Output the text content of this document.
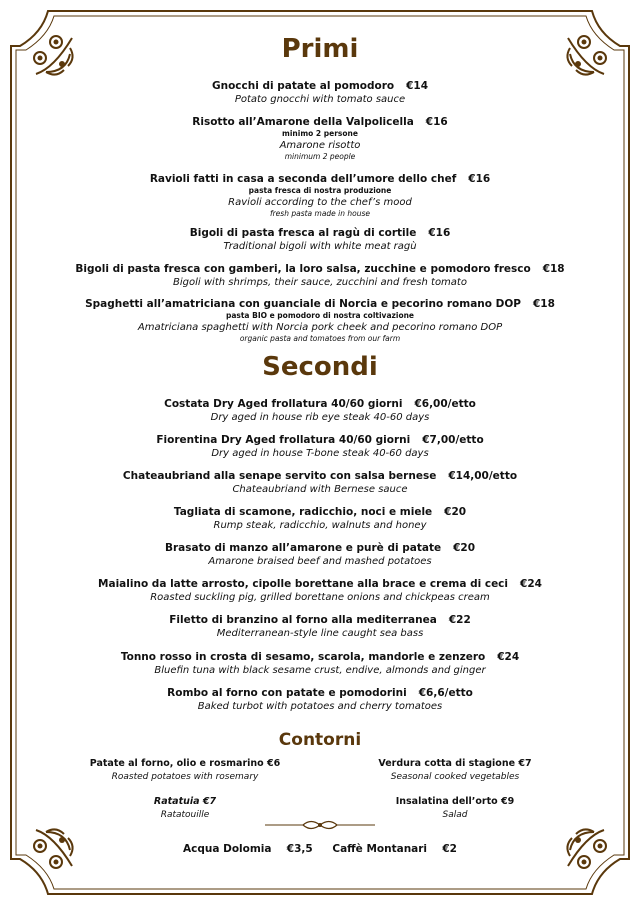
Primi
Gnocchi di patate al pomodoro €14
Potato gnocchi with tomato sauce
Risotto all’Amarone della Valpolicella €16
minimo 2 persone
Amarone risotto
minimum 2 people
Ravioli fatti in casa a seconda dell’umore dello chef €16
pasta fresca di nostra produzione
Ravioli according to the chef’s mood
fresh pasta made in house
Bigoli di pasta fresca al ragù di cortile €16
Traditional bigoli with white meat ragù
Bigoli di pasta fresca con gamberi, la loro salsa, zucchine e pomodoro fresco €18
Bigoli with shrimps, their sauce, zucchini and fresh tomato
Spaghetti all’amatriciana con guanciale di Norcia e pecorino romano DOP €18
pasta BIO e pomodoro di nostra coltivazione
Amatriciana spaghetti with Norcia pork cheek and pecorino romano DOP
organic pasta and tomatoes from our farm
Secondi
Costata Dry Aged frollatura 40/60 giorni €6,00/etto
Dry aged in house rib eye steak 40-60 days
Fiorentina Dry Aged frollatura 40/60 giorni €7,00/etto
Dry aged in house T-bone steak 40-60 days
Chateaubriand alla senape servito con salsa bernese €14,00/etto
Chateaubriand with Bernese sauce
Tagliata di scamone, radicchio, noci e miele €20
Rump steak, radicchio, walnuts and honey
Brasato di manzo all’amarone e purè di patate €20
Amarone braised beef and mashed potatoes
Maialino da latte arrosto, cipolle borettane alla brace e crema di ceci €24
Roasted suckling pig, grilled borettane onions and chickpeas cream
Filetto di branzino al forno alla mediterranea €22
Mediterranean-style line caught sea bass
Tonno rosso in crosta di sesamo, scarola, mandorle e zenzero €24
Bluefin tuna with black sesame crust, endive, almonds and ginger
Rombo al forno con patate e pomodorini €6,6/etto
Baked turbot with potatoes and cherry tomatoes
Contorni
Patate al forno, olio e rosmarino €6
Roasted potatoes with rosemary
Verdura cotta di stagione €7
Seasonal cooked vegetables
Ratatuia €7
Ratatouille
Insalatina dell’orto €9
Salad
Acqua Dolomia €3,5 Caffè Montanari €2
